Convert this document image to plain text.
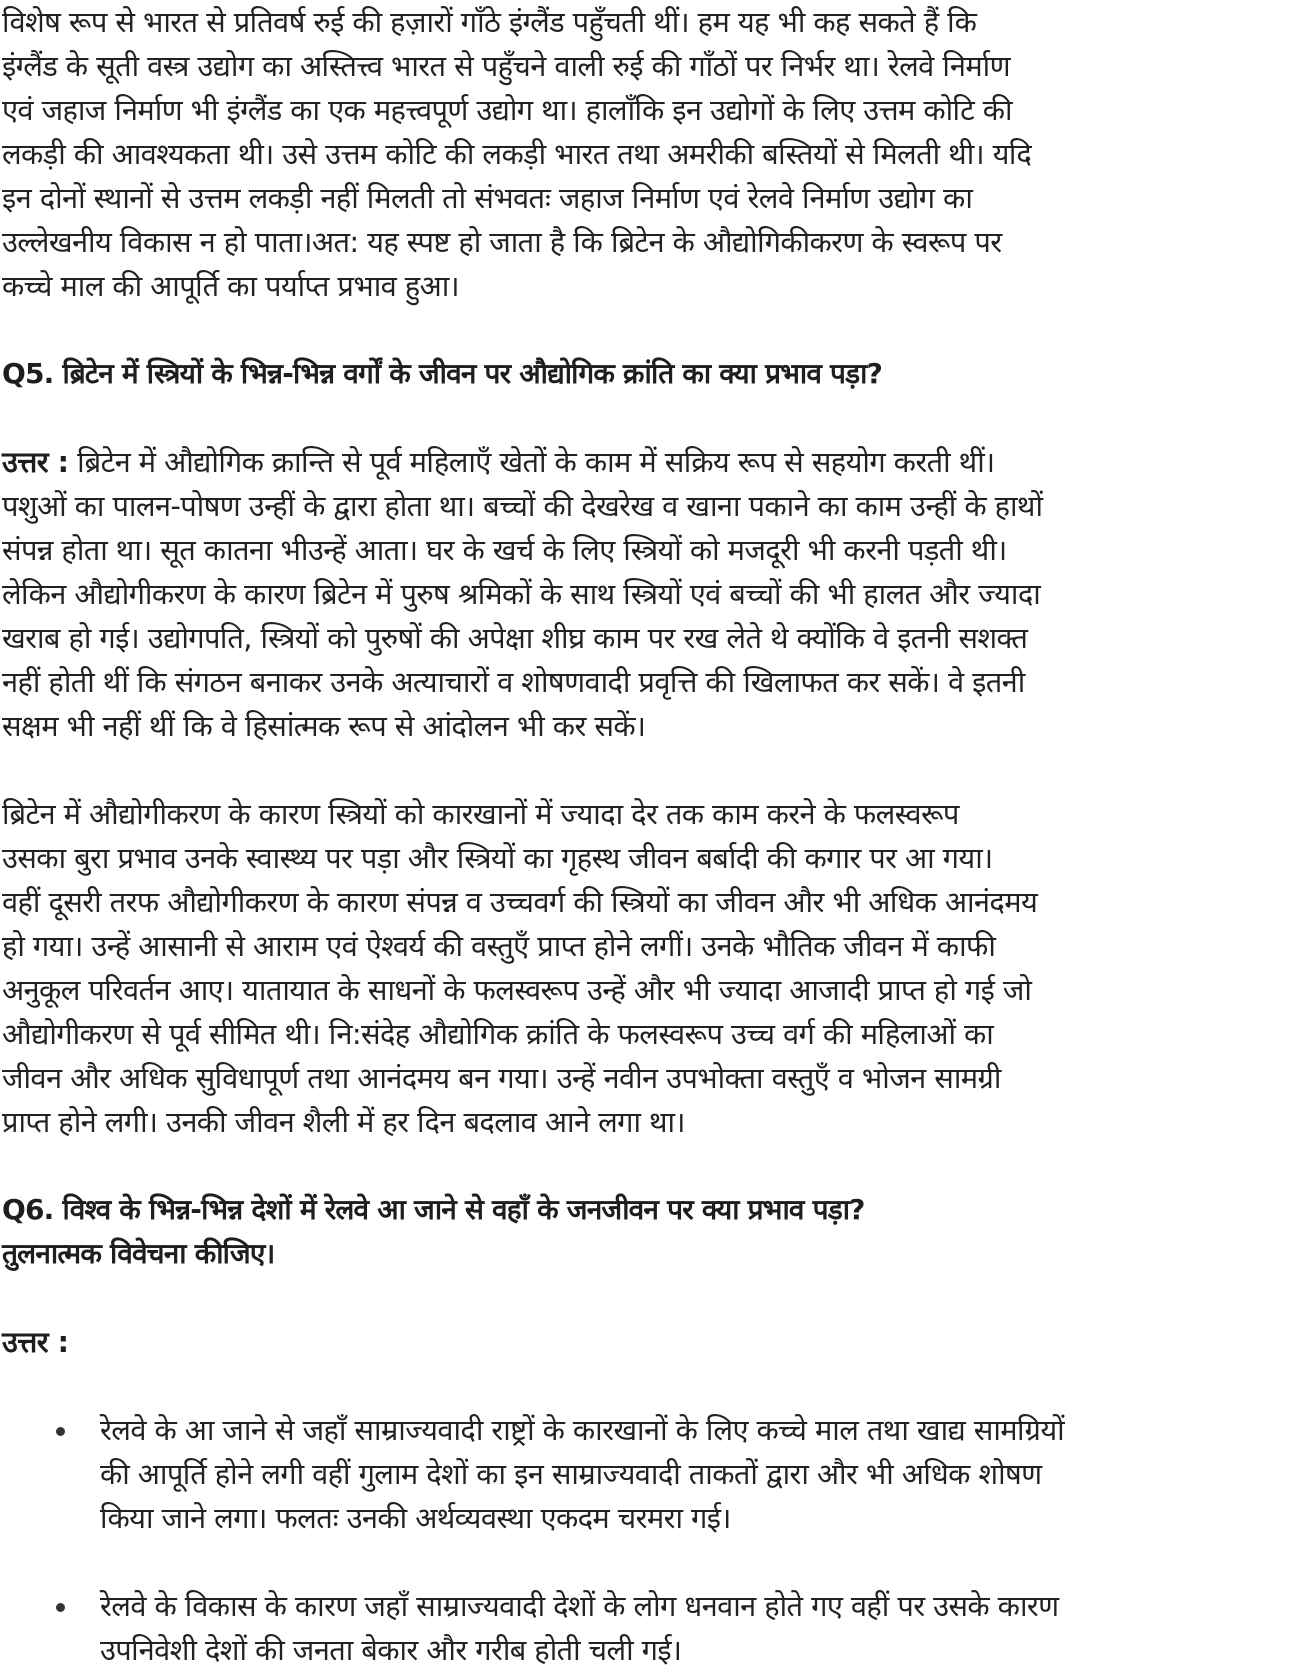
विशेष रूप से भारत से प्रतिवर्ष रुई की हज़ारों गाँठे इंग्लैंड पहुँचती थीं। हम यह भी कह सकते हैं कि
इंग्लैंड के सूती वस्त्र उद्योग का अस्तित्त्व भारत से पहुँचने वाली रुई की गाँठों पर निर्भर था। रेलवे निर्माण
एवं जहाज निर्माण भी इंग्लैंड का एक महत्त्वपूर्ण उद्योग था। हालाँकि इन उद्योगों के लिए उत्तम कोटि की
लकड़ी की आवश्यकता थी। उसे उत्तम कोटि की लकड़ी भारत तथा अमरीकी बस्तियों से मिलती थी। यदि
इन दोनों स्थानों से उत्तम लकड़ी नहीं मिलती तो संभवतः जहाज निर्माण एवं रेलवे निर्माण उद्योग का
उल्लेखनीय विकास न हो पाता।अत: यह स्पष्ट हो जाता है कि ब्रिटेन के औद्योगिकीकरण के स्वरूप पर
कच्चे माल की आपूर्ति का पर्याप्त प्रभाव हुआ।

Q5. ब्रिटेन में स्त्रियों के भिन्न-भिन्न वर्गों के जीवन पर औद्योगिक क्रांति का क्या प्रभाव पड़ा?

उत्तर : ब्रिटेन में औद्योगिक क्रान्ति से पूर्व महिलाएँ खेतों के काम में सक्रिय रूप से सहयोग करती थीं।
पशुओं का पालन-पोषण उन्हीं के द्वारा होता था। बच्चों की देखरेख व खाना पकाने का काम उन्हीं के हाथों
संपन्न होता था। सूत कातना भीउन्हें आता। घर के खर्च के लिए स्त्रियों को मजदूरी भी करनी पड़ती थी।
लेकिन औद्योगीकरण के कारण ब्रिटेन में पुरुष श्रमिकों के साथ स्त्रियों एवं बच्चों की भी हालत और ज्यादा
खराब हो गई। उद्योगपति, स्त्रियों को पुरुषों की अपेक्षा शीघ्र काम पर रख लेते थे क्योंकि वे इतनी सशक्त
नहीं होती थीं कि संगठन बनाकर उनके अत्याचारों व शोषणवादी प्रवृत्ति की खिलाफत कर सकें। वे इतनी
सक्षम भी नहीं थीं कि वे हिसांत्मक रूप से आंदोलन भी कर सकें।

ब्रिटेन में औद्योगीकरण के कारण स्त्रियों को कारखानों में ज्यादा देर तक काम करने के फलस्वरूप
उसका बुरा प्रभाव उनके स्वास्थ्य पर पड़ा और स्त्रियों का गृहस्थ जीवन बर्बादी की कगार पर आ गया।
वहीं दूसरी तरफ औद्योगीकरण के कारण संपन्न व उच्चवर्ग की स्त्रियों का जीवन और भी अधिक आनंदमय
हो गया। उन्हें आसानी से आराम एवं ऐश्वर्य की वस्तुएँ प्राप्त होने लगीं। उनके भौतिक जीवन में काफी
अनुकूल परिवर्तन आए। यातायात के साधनों के फलस्वरूप उन्हें और भी ज्यादा आजादी प्राप्त हो गई जो
औद्योगीकरण से पूर्व सीमित थी। नि:संदेह औद्योगिक क्रांति के फलस्वरूप उच्च वर्ग की महिलाओं का
जीवन और अधिक सुविधापूर्ण तथा आनंदमय बन गया। उन्हें नवीन उपभोक्ता वस्तुएँ व भोजन सामग्री
प्राप्त होने लगी। उनकी जीवन शैली में हर दिन बदलाव आने लगा था।

Q6. विश्व के भिन्न-भिन्न देशों में रेलवे आ जाने से वहाँ के जनजीवन पर क्या प्रभाव पड़ा?
तुलनात्मक विवेचना कीजिए।

उत्तर :

रेलवे के आ जाने से जहाँ साम्राज्यवादी राष्ट्रों के कारखानों के लिए कच्चे माल तथा खाद्य सामग्रियों
की आपूर्ति होने लगी वहीं गुलाम देशों का इन साम्राज्यवादी ताकतों द्वारा और भी अधिक शोषण
किया जाने लगा। फलतः उनकी अर्थव्यवस्था एकदम चरमरा गई।
रेलवे के विकास के कारण जहाँ साम्राज्यवादी देशों के लोग धनवान होते गए वहीं पर उसके कारण
उपनिवेशी देशों की जनता बेकार और गरीब होती चली गई।
